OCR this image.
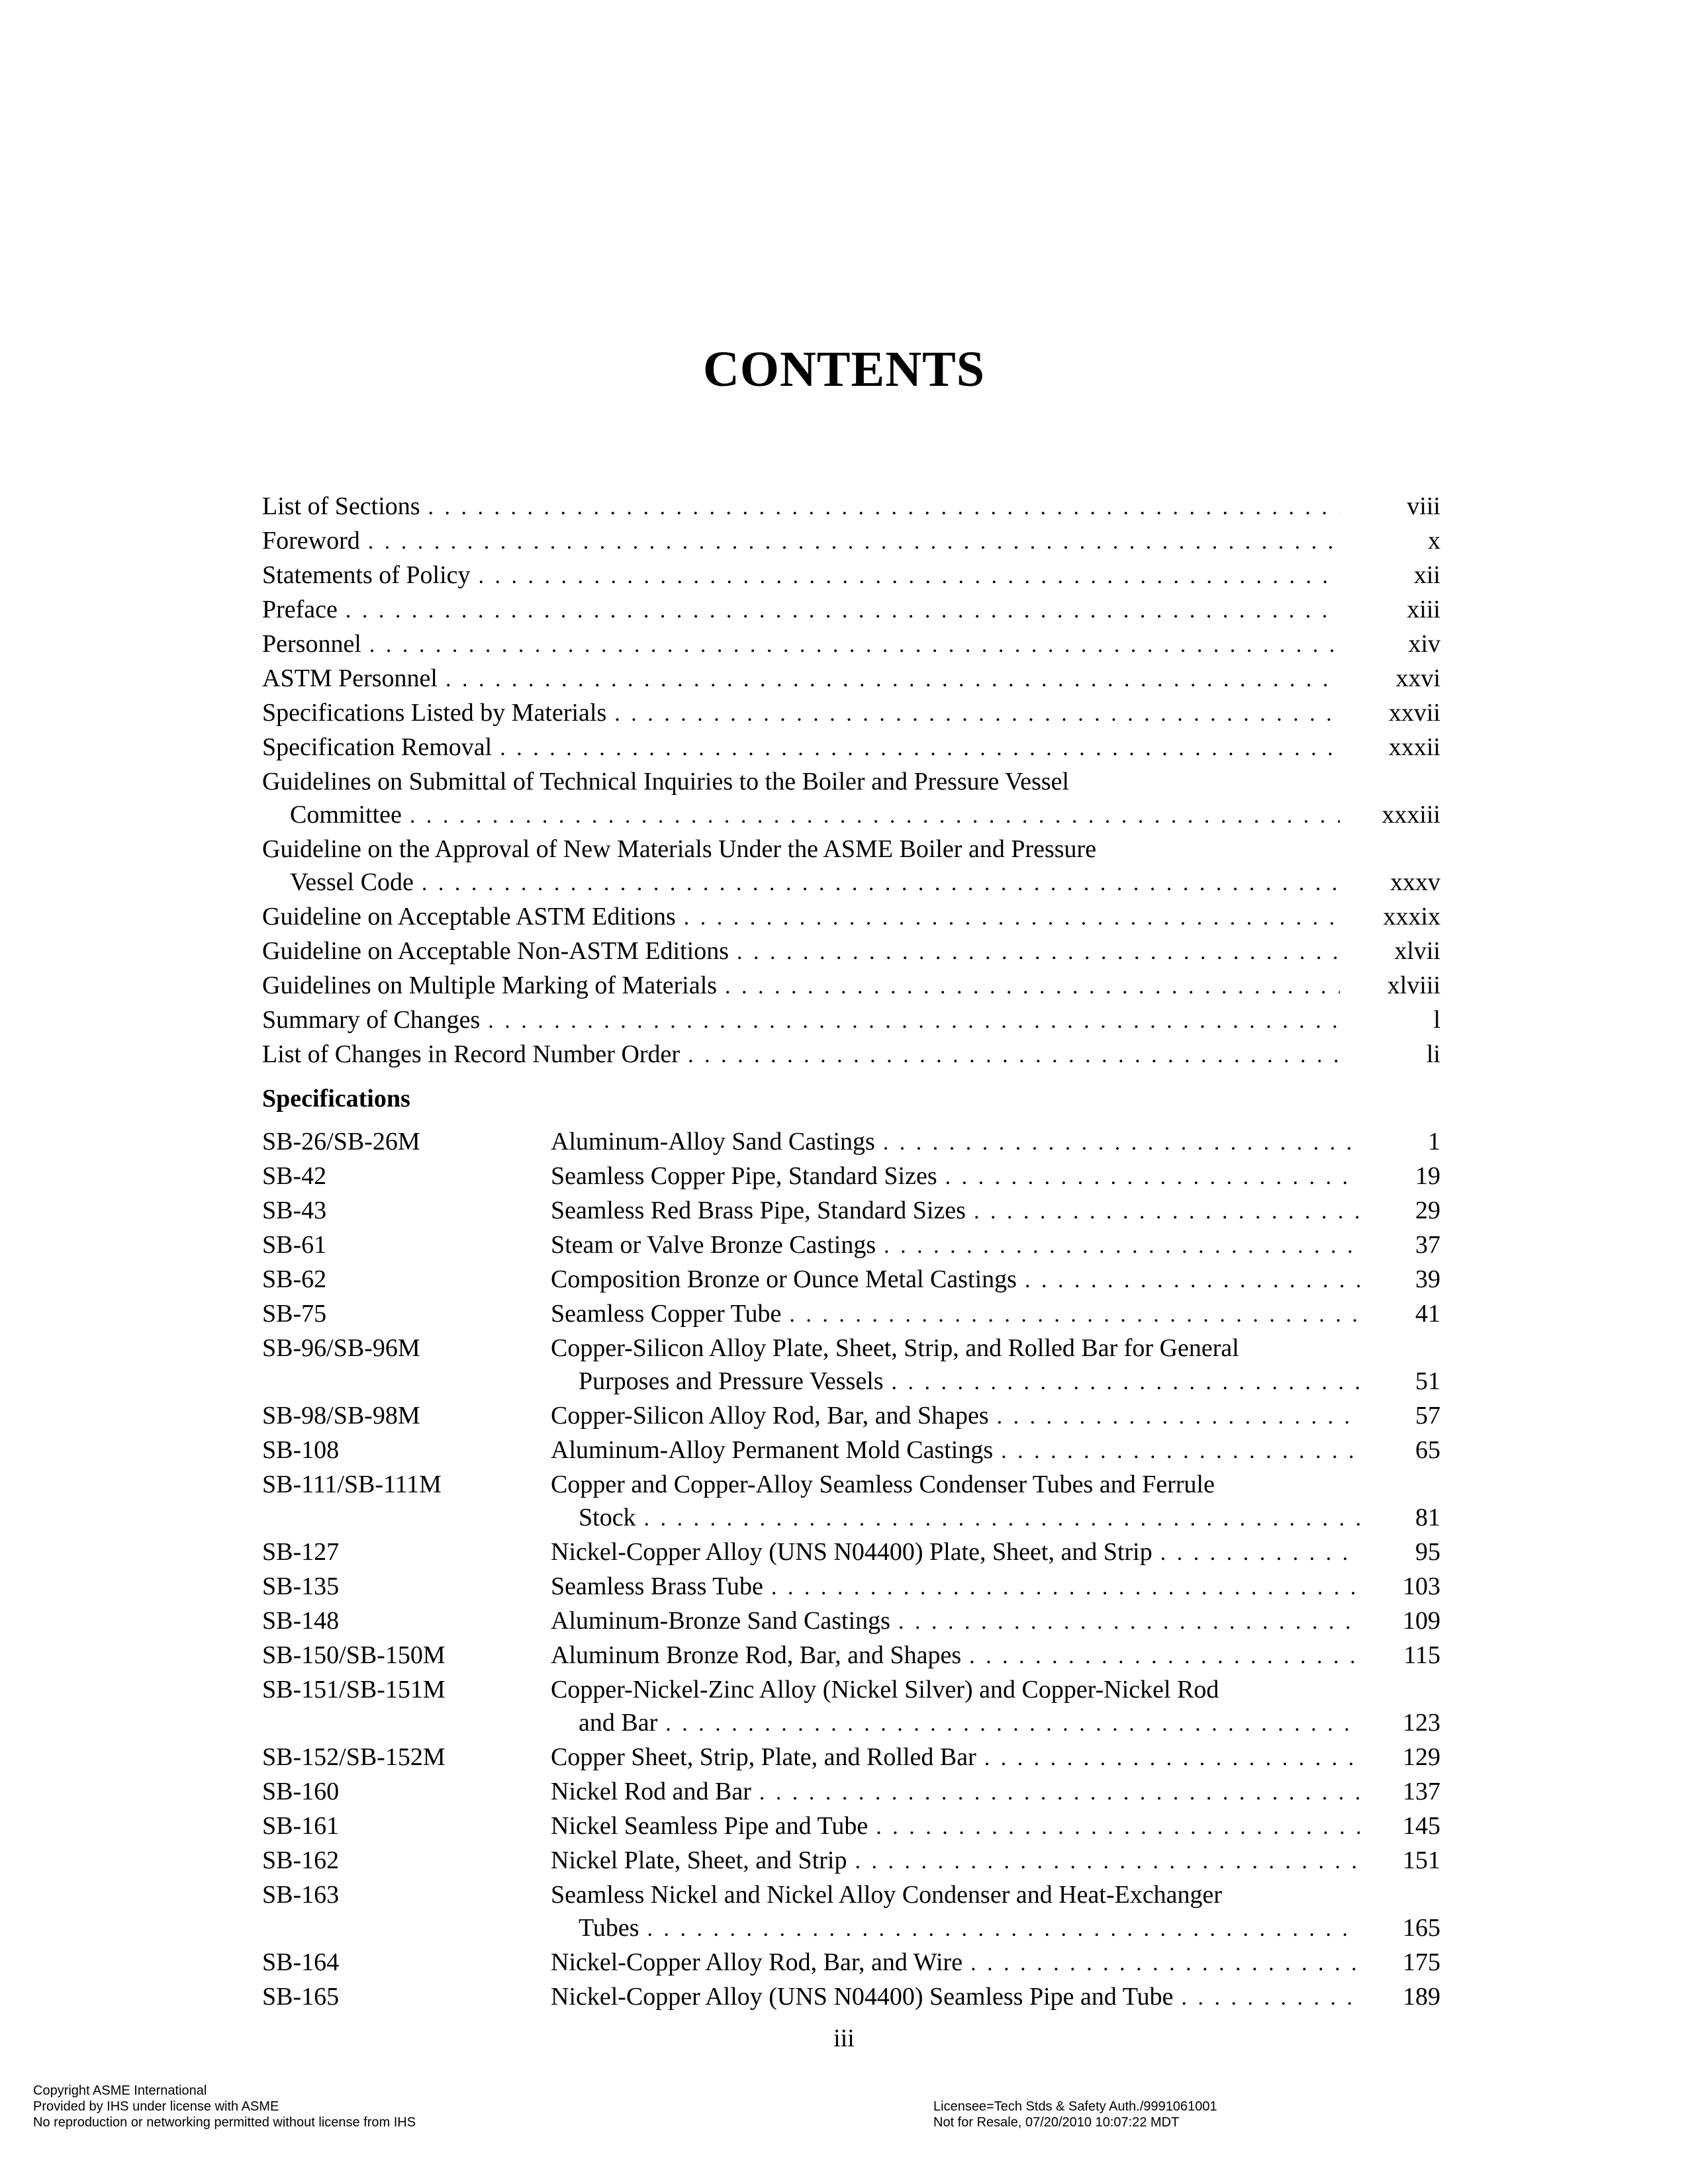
CONTENTS
List of Sections . . .	viii
Foreword . . .	x
Statements of Policy . . .	xii
Preface . . .	xiii
Personnel . . .	xiv
ASTM Personnel . . .	xxvi
Specifications Listed by Materials . . .	xxvii
Specification Removal . . .	xxxii
Guidelines on Submittal of Technical Inquiries to the Boiler and Pressure Vessel
Committee . . .	xxxiii
Guideline on the Approval of New Materials Under the ASME Boiler and Pressure
Vessel Code . . .	xxxv
Guideline on Acceptable ASTM Editions . . .	xxxix
Guideline on Acceptable Non-ASTM Editions . . .	xlvii
Guidelines on Multiple Marking of Materials . . .	xlviii
Summary of Changes . . .	l
List of Changes in Record Number Order . . .	li
Specifications
SB-26/SB-26M	Aluminum-Alloy Sand Castings . . .	1
SB-42	Seamless Copper Pipe, Standard Sizes . . .	19
SB-43	Seamless Red Brass Pipe, Standard Sizes . . .	29
SB-61	Steam or Valve Bronze Castings . . .	37
SB-62	Composition Bronze or Ounce Metal Castings . . .	39
SB-75	Seamless Copper Tube . . .	41
SB-96/SB-96M	Copper-Silicon Alloy Plate, Sheet, Strip, and Rolled Bar for General
Purposes and Pressure Vessels . . .	51
SB-98/SB-98M	Copper-Silicon Alloy Rod, Bar, and Shapes . . .	57
SB-108	Aluminum-Alloy Permanent Mold Castings . . .	65
SB-111/SB-111M	Copper and Copper-Alloy Seamless Condenser Tubes and Ferrule
Stock . . .	81
SB-127	Nickel-Copper Alloy (UNS N04400) Plate, Sheet, and Strip . . .	95
SB-135	Seamless Brass Tube . . .	103
SB-148	Aluminum-Bronze Sand Castings . . .	109
SB-150/SB-150M	Aluminum Bronze Rod, Bar, and Shapes . . .	115
SB-151/SB-151M	Copper-Nickel-Zinc Alloy (Nickel Silver) and Copper-Nickel Rod
and Bar . . .	123
SB-152/SB-152M	Copper Sheet, Strip, Plate, and Rolled Bar . . .	129
SB-160	Nickel Rod and Bar . . .	137
SB-161	Nickel Seamless Pipe and Tube . . .	145
SB-162	Nickel Plate, Sheet, and Strip . . .	151
SB-163	Seamless Nickel and Nickel Alloy Condenser and Heat-Exchanger
Tubes . . .	165
SB-164	Nickel-Copper Alloy Rod, Bar, and Wire . . .	175
SB-165	Nickel-Copper Alloy (UNS N04400) Seamless Pipe and Tube . . .	189
iii
Copyright ASME International
Provided by IHS under license with ASME
No reproduction or networking permitted without license from IHS
Licensee=Tech Stds & Safety Auth./9991061001
Not for Resale, 07/20/2010 10:07:22 MDT
